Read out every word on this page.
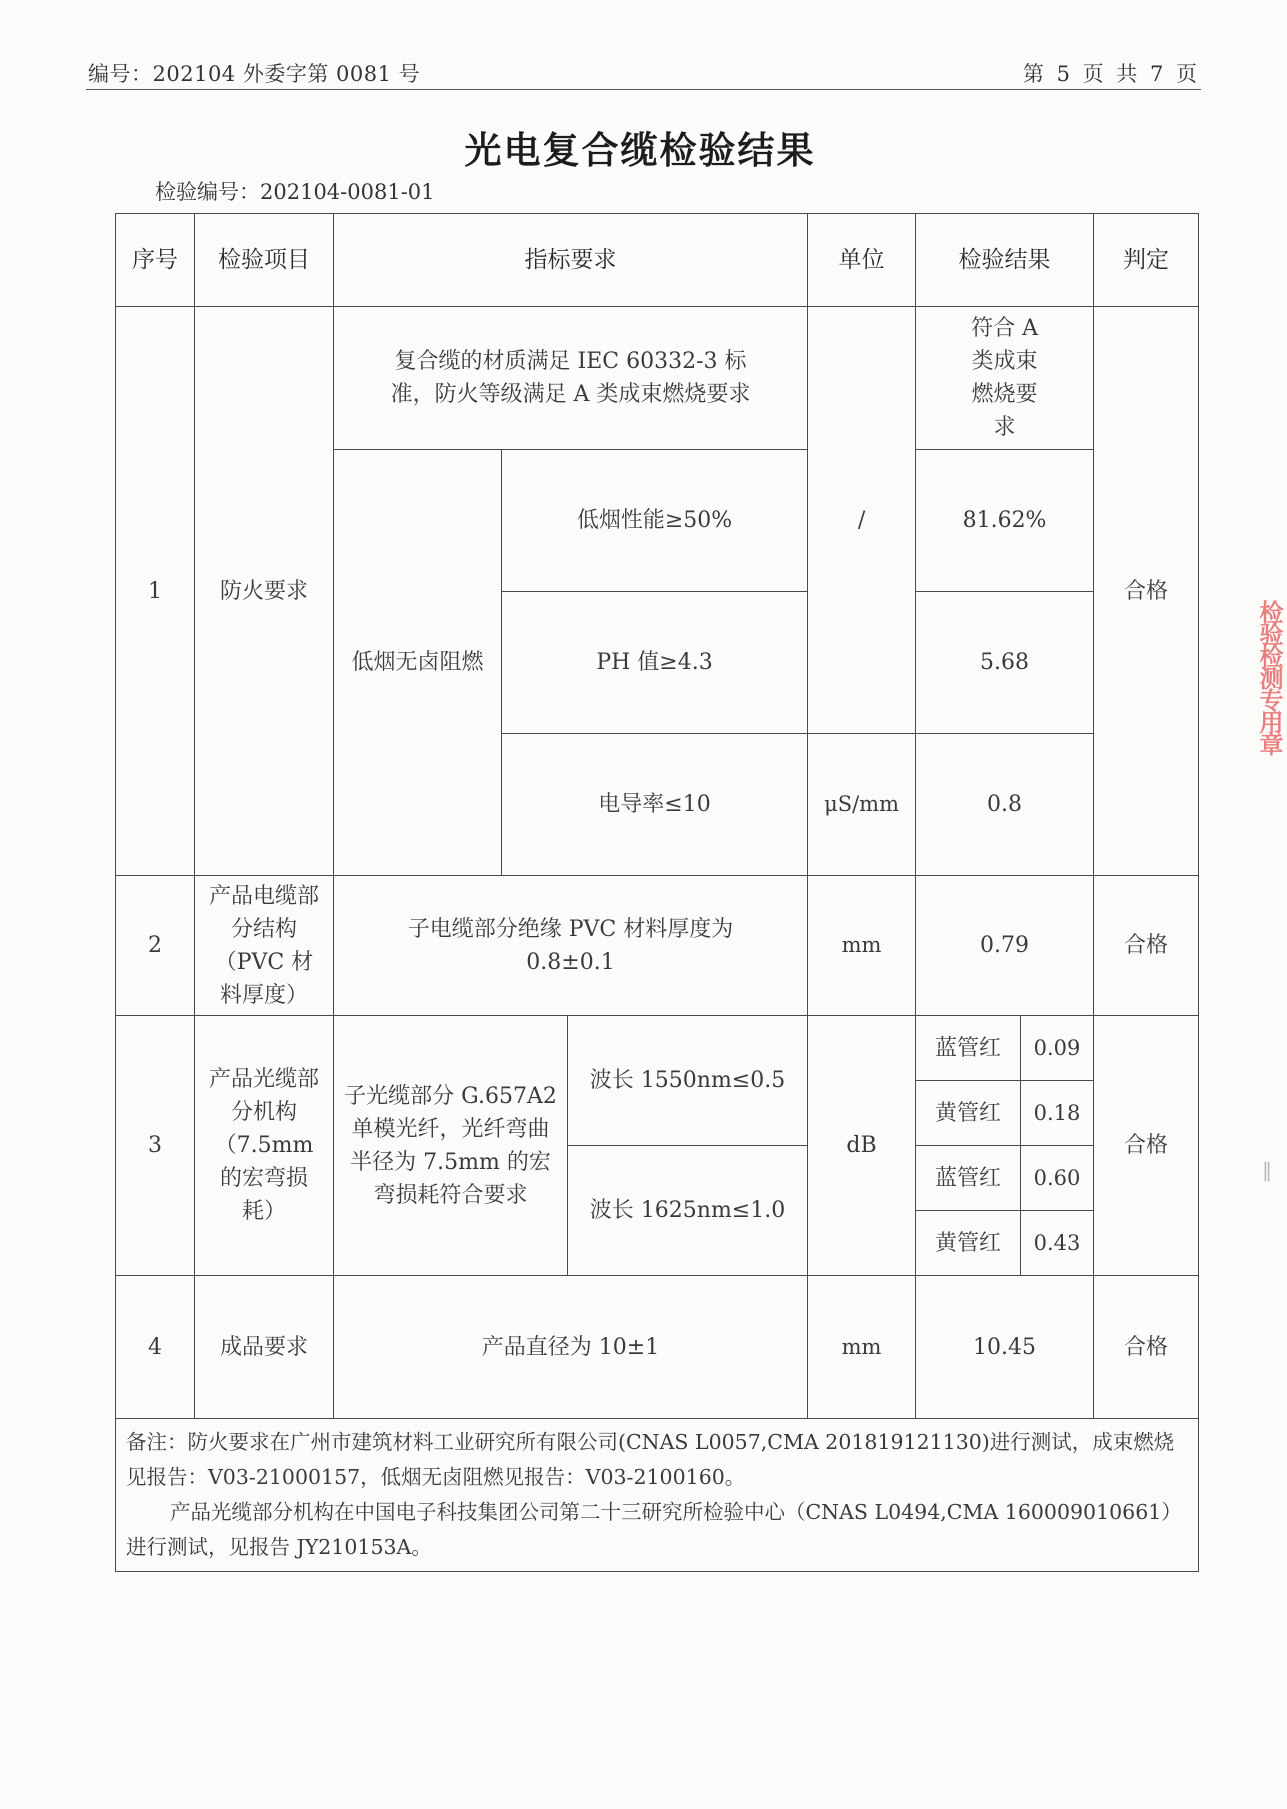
编号：202104 外委字第 0081 号	第 5 页 共 7 页
光电复合缆检验结果
检验编号：202104-0081-01
序号	检验项目	指标要求			单位	检验结果		判定
1	防火要求	复合缆的材质满足 IEC 60332-3 标准，防火等级满足 A 类成束燃烧要求			/	符合 A 类成束燃烧要求		合格
		低烟无卤阻燃	低烟性能≥50%			81.62%		
			PH 值≥4.3			5.68		
			电导率≤10		μS/mm	0.8		
2	产品电缆部分结构（PVC 材料厚度）	子电缆部分绝缘 PVC 材料厚度为 0.8±0.1			mm	0.79		合格
3	产品光缆部分机构（7.5mm 的宏弯损耗）	子光缆部分 G.657A2 单模光纤，光纤弯曲半径为 7.5mm 的宏弯损耗符合要求		波长 1550nm≤0.5	dB	蓝管红	0.09	合格
						黄管红	0.18	
				波长 1625nm≤1.0		蓝管红	0.60	
						黄管红	0.43	
4	成品要求	产品直径为 10±1			mm	10.45		合格

备注：防火要求在广州市建筑材料工业研究所有限公司(CNAS L0057,CMA 201819121130)进行测试，成束燃烧见报告：V03-21000157，低烟无卤阻燃见报告：V03-2100160。

产品光缆部分机构在中国电子科技集团公司第二十三研究所检验中心（CNAS L0494,CMA 160009010661）进行测试，见报告 JY210153A。								

检验检测专用章
‖
